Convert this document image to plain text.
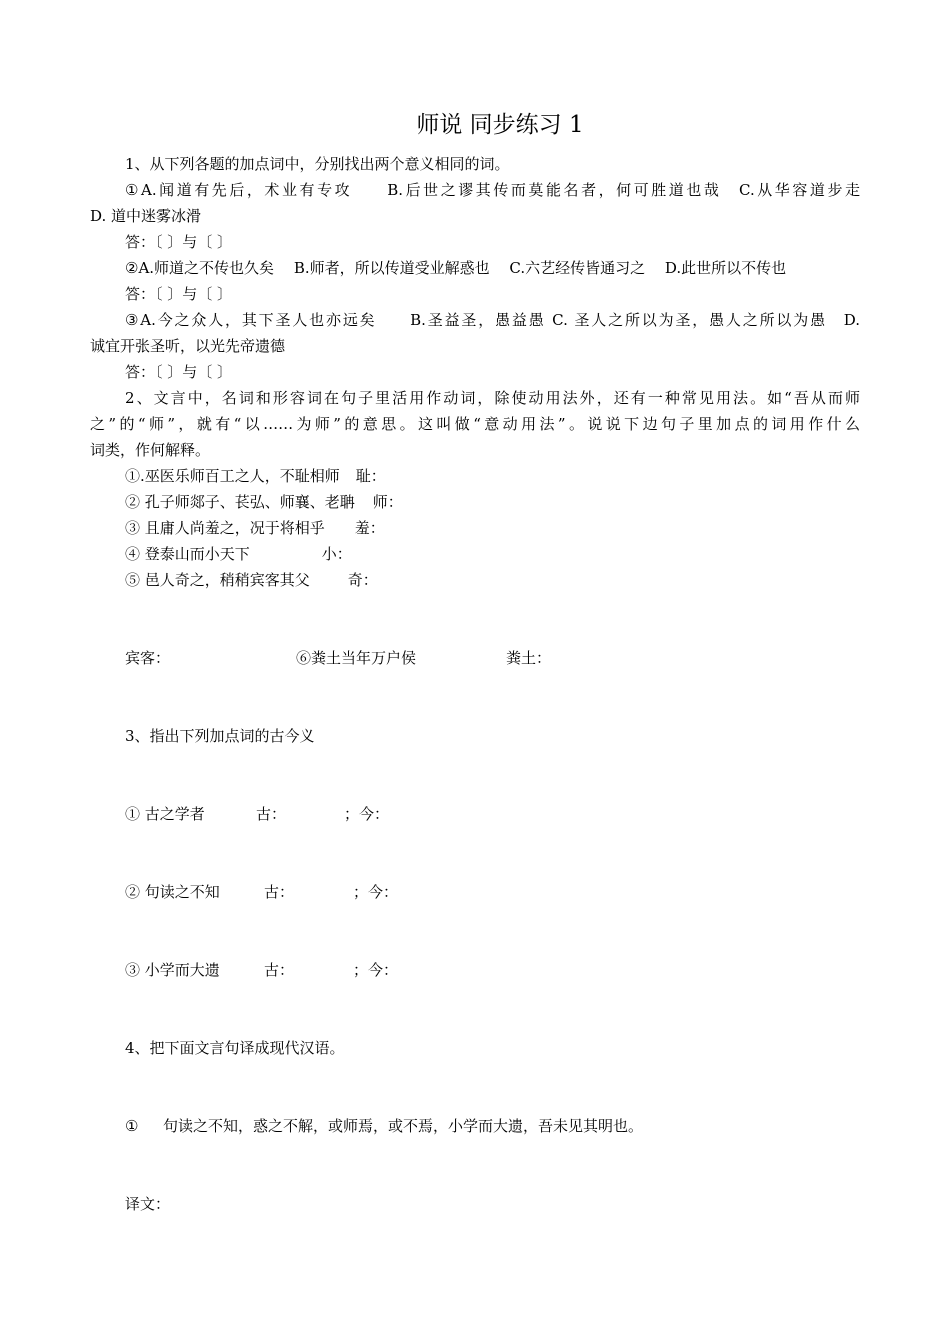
师说 同步练习 1
1、从下列各题的加点词中，分别找出两个意义相同的词。
①A.闻道有先后，术业有专攻　　B.后世之谬其传而莫能名者，何可胜道也哉　C.从华容道步走
D. 道中迷雾冰滑
答：〔 〕与〔 〕
②A.师道之不传也久矣　 B.师者，所以传道受业解惑也　 C.六艺经传皆通习之　 D.此世所以不传也
答：〔 〕与〔 〕
③A.今之众人，其下圣人也亦远矣　　B.圣益圣，愚益愚 C. 圣人之所以为圣，愚人之所以为愚　D.
诚宜开张圣听，以光先帝遗德
答：〔 〕与〔 〕
2、文言中，名词和形容词在句子里活用作动词，除使动用法外，还有一种常见用法。如“吾从而师
之”的“师”，就有“以……为师”的意思。这叫做“意动用法”。说说下边句子里加点的词用作什么
词类，作何解释。
①.巫医乐师百工之人，不耻相师 耻：
② 孔子师郯子、苌弘、师襄、老聃 师：
③ 且庸人尚羞之，况于将相乎 羞：
④ 登泰山而小天下	小：
⑤ 邑人奇之，稍稍宾客其父	奇：
宾客：	⑥粪土当年万户侯	粪土：
3、指出下列加点词的古今义
① 古之学者	古：	；今：
② 句读之不知	古：	；今：
③ 小学而大遗	古：	；今：
4、把下面文言句译成现代汉语。
① 句读之不知，惑之不解，或师焉，或不焉，小学而大遗，吾未见其明也。
译文：
